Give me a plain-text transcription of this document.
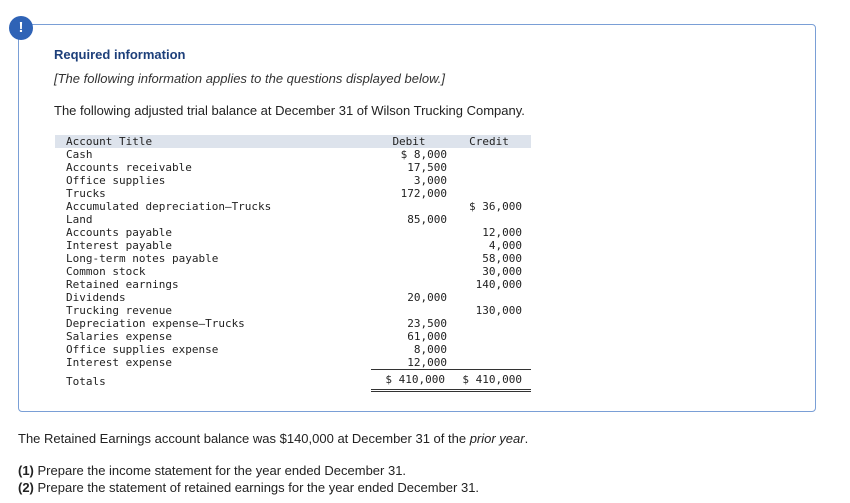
!
Required information
[The following information applies to the questions displayed below.]
The following adjusted trial balance at December 31 of Wilson Trucking Company.
Account Title		Debit	Credit
Cash		$ 8,000	
Accounts receivable		17,500	
Office supplies		3,000	
Trucks		172,000	
Accumulated depreciation—Trucks			$ 36,000
Land		85,000	
Accounts payable			12,000
Interest payable			4,000
Long-term notes payable			58,000
Common stock			30,000
Retained earnings			140,000
Dividends		20,000	
Trucking revenue			130,000
Depreciation expense—Trucks		23,500	
Salaries expense		61,000	
Office supplies expense		8,000	
Interest expense		12,000	
Totals		$ 410,000	$ 410,000
The Retained Earnings account balance was $140,000 at December 31 of the prior year.
(1) Prepare the income statement for the year ended December 31.
(2) Prepare the statement of retained earnings for the year ended December 31.
